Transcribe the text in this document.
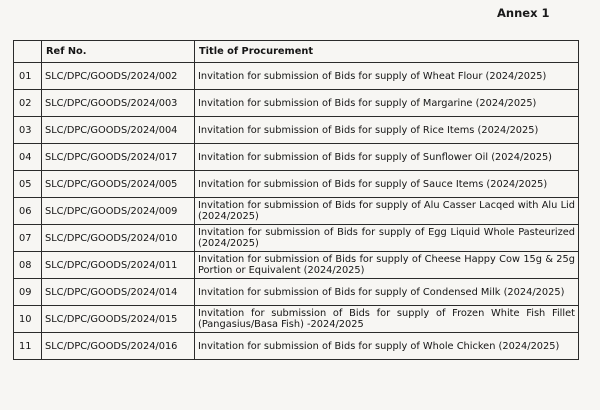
Annex 1
	Ref No.	Title of Procurement
01	SLC/DPC/GOODS/2024/002	Invitation for submission of Bids for supply of Wheat Flour (2024/2025)
02	SLC/DPC/GOODS/2024/003	Invitation for submission of Bids for supply of Margarine (2024/2025)
03	SLC/DPC/GOODS/2024/004	Invitation for submission of Bids for supply of Rice Items (2024/2025)
04	SLC/DPC/GOODS/2024/017	Invitation for submission of Bids for supply of Sunflower Oil (2024/2025)
05	SLC/DPC/GOODS/2024/005	Invitation for submission of Bids for supply of Sauce Items (2024/2025)
06	SLC/DPC/GOODS/2024/009	Invitation for submission of Bids for supply of Alu Casser Lacqed with Alu Lid (2024/2025)
07	SLC/DPC/GOODS/2024/010	Invitation for submission of Bids for supply of Egg Liquid Whole Pasteurized (2024/2025)
08	SLC/DPC/GOODS/2024/011	Invitation for submission of Bids for supply of Cheese Happy Cow 15g & 25g Portion or Equivalent (2024/2025)
09	SLC/DPC/GOODS/2024/014	Invitation for submission of Bids for supply of Condensed Milk (2024/2025)
10	SLC/DPC/GOODS/2024/015	Invitation for submission of Bids for supply of Frozen White Fish Fillet (Pangasius/Basa Fish) -2024/2025
11	SLC/DPC/GOODS/2024/016	Invitation for submission of Bids for supply of Whole Chicken (2024/2025)
